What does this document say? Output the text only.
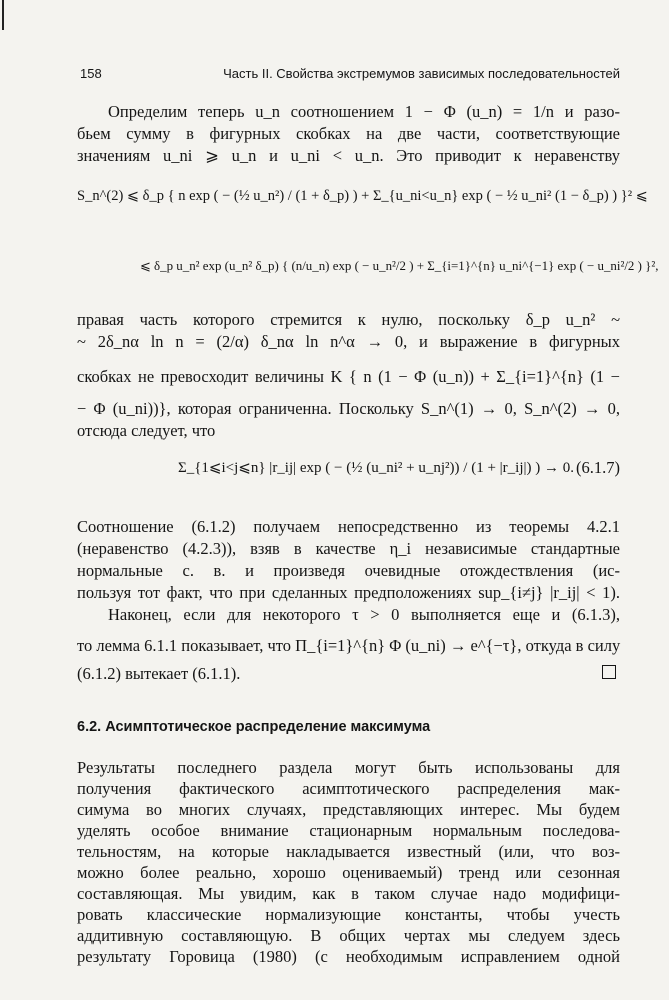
158	Часть II. Свойства экстремумов зависимых последовательностей
Определим теперь u_n соотношением 1 − Φ (u_n) = 1/n и разо-
бьем сумму в фигурных скобках на две части, соответствующие
значениям u_ni ⩾ u_n и u_ni < u_n. Это приводит к неравенству
S_n^(2) ⩽ δ_p { n exp ( − (½ u_n²) / (1 + δ_p) ) + Σ_{u_ni<u_n} exp ( − ½ u_ni² (1 − δ_p) ) }² ⩽
⩽ δ_p u_n² exp (u_n² δ_p) { (n/u_n) exp ( − u_n²/2 ) + Σ_{i=1}^{n} u_ni^{−1} exp ( − u_ni²/2 ) }²,
правая часть которого стремится к нулю, поскольку δ_p u_n² ~
~ 2δ_nα ln n = (2/α) δ_nα ln n^α → 0, и выражение в фигурных
скобках не превосходит величины K { n (1 − Φ (u_n)) + Σ_{i=1}^{n} (1 −
− Φ (u_ni))}, которая ограниченна. Поскольку S_n^(1) → 0, S_n^(2) → 0,
отсюда следует, что
Σ_{1⩽i<j⩽n} |r_ij| exp ( − (½ (u_ni² + u_nj²)) / (1 + |r_ij|) ) → 0. (6.1.7)
Соотношение (6.1.2) получаем непосредственно из теоремы 4.2.1
(неравенство (4.2.3)), взяв в качестве η_i независимые стандартные
нормальные с. в. и произведя очевидные отождествления (ис-
пользуя тот факт, что при сделанных предположениях sup_{i≠j} |r_ij| < 1).
Наконец, если для некоторого τ > 0 выполняется еще и (6.1.3),
то лемма 6.1.1 показывает, что Π_{i=1}^{n} Φ (u_ni) → e^{−τ}, откуда в силу
(6.1.2) вытекает (6.1.1).
6.2. Асимптотическое распределение максимума
Результаты последнего раздела могут быть использованы для
получения фактического асимптотического распределения мак-
симума во многих случаях, представляющих интерес. Мы будем
уделять особое внимание стационарным нормальным последова-
тельностям, на которые накладывается известный (или, что воз-
можно более реально, хорошо оцениваемый) тренд или сезонная
составляющая. Мы увидим, как в таком случае надо модифици-
ровать классические нормализующие константы, чтобы учесть
аддитивную составляющую. В общих чертах мы следуем здесь
результату Горовица (1980) (с необходимым исправлением одной
